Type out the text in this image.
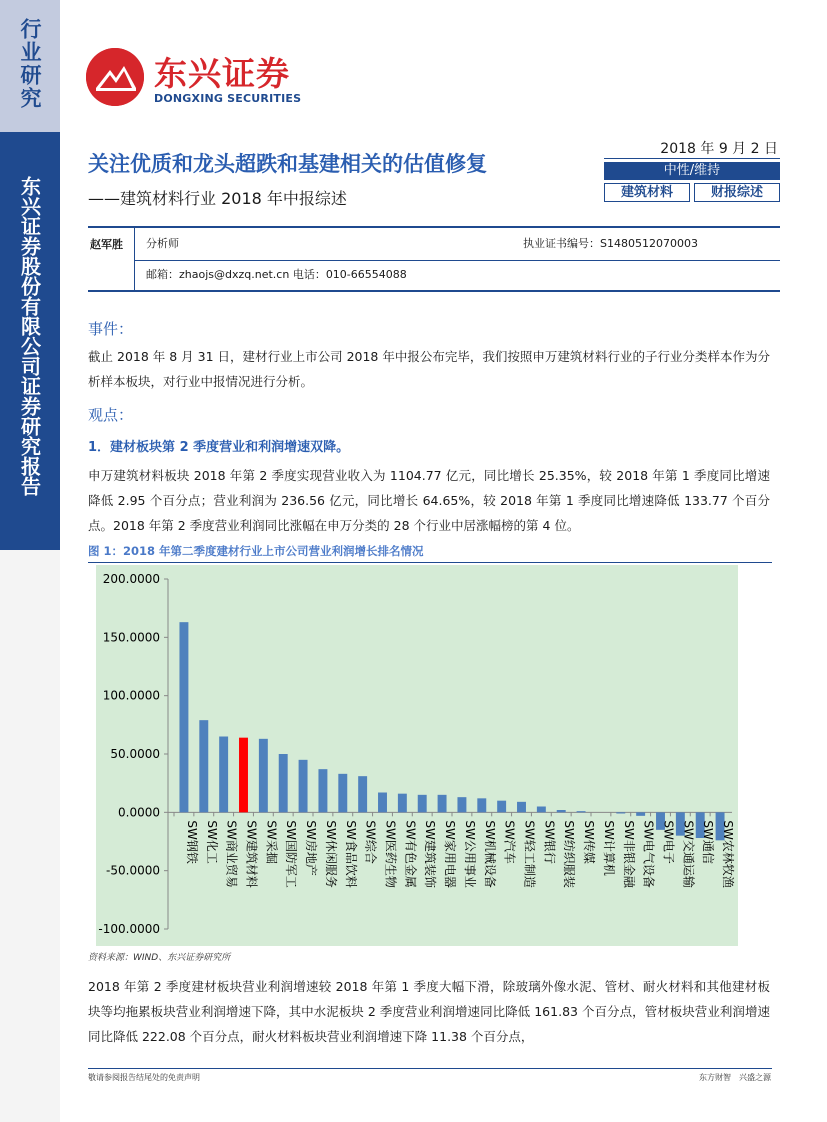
行业研究
东兴证券股份有限公司证券研究报告
东兴证券
DONGXING SECURITIES
关注优质和龙头超跌和基建相关的估值修复
——建筑材料行业 2018 年中报综述
2018 年 9 月 2 日
中性/维持
建筑材料	财报综述
赵军胜	分析师	执业证书编号：S1480512070003
邮箱：zhaojs@dxzq.net.cn 电话：010-66554088
事件：
截止 2018 年 8 月 31 日，建材行业上市公司 2018 年中报公布完毕，我们按照申万建筑材料行业的子行业分类样本作为分析样本板块，对行业中报情况进行分析。
观点：
1．建材板块第 2 季度营业和利润增速双降。
申万建筑材料板块 2018 年第 2 季度实现营业收入为 1104.77 亿元，同比增长 25.35%，较 2018 年第 1 季度同比增速降低 2.95 个百分点；营业利润为 236.56 亿元，同比增长 64.65%，较 2018 年第 1 季度同比增速降低 133.77 个百分点。2018 年第 2 季度营业利润同比涨幅在申万分类的 28 个行业中居涨幅榜的第 4 位。
图 1：2018 年第二季度建材行业上市公司营业利润增长排名情况
-100.0000
-50.0000
0.0000
50.0000
100.0000
150.0000
200.0000
SW钢铁 SW化工 SW商业贸易 SW建筑材料 SW采掘 SW国防军工 SW房地产 SW休闲服务 SW食品饮料 SW综合 SW医药生物 SW有色金属 SW建筑装饰 SW家用电器 SW公用事业 SW机械设备 SW汽车 SW轻工制造 SW银行 SW纺织服装 SW传媒 SW计算机 SW非银金融 SW电气设备 SW电子 SW交通运输 SW通信 SW农林牧渔
资料来源：WIND、东兴证券研究所
2018 年第 2 季度建材板块营业利润增速较 2018 年第 1 季度大幅下滑，除玻璃外像水泥、管材、耐火材料和其他建材板块等均拖累板块营业利润增速下降，其中水泥板块 2 季度营业利润增速同比降低 161.83 个百分点，管材板块营业利润增速同比降低 222.08 个百分点，耐火材料板块营业利润增速下降 11.38 个百分点，
敬请参阅报告结尾处的免责声明	东方财智　兴盛之源
